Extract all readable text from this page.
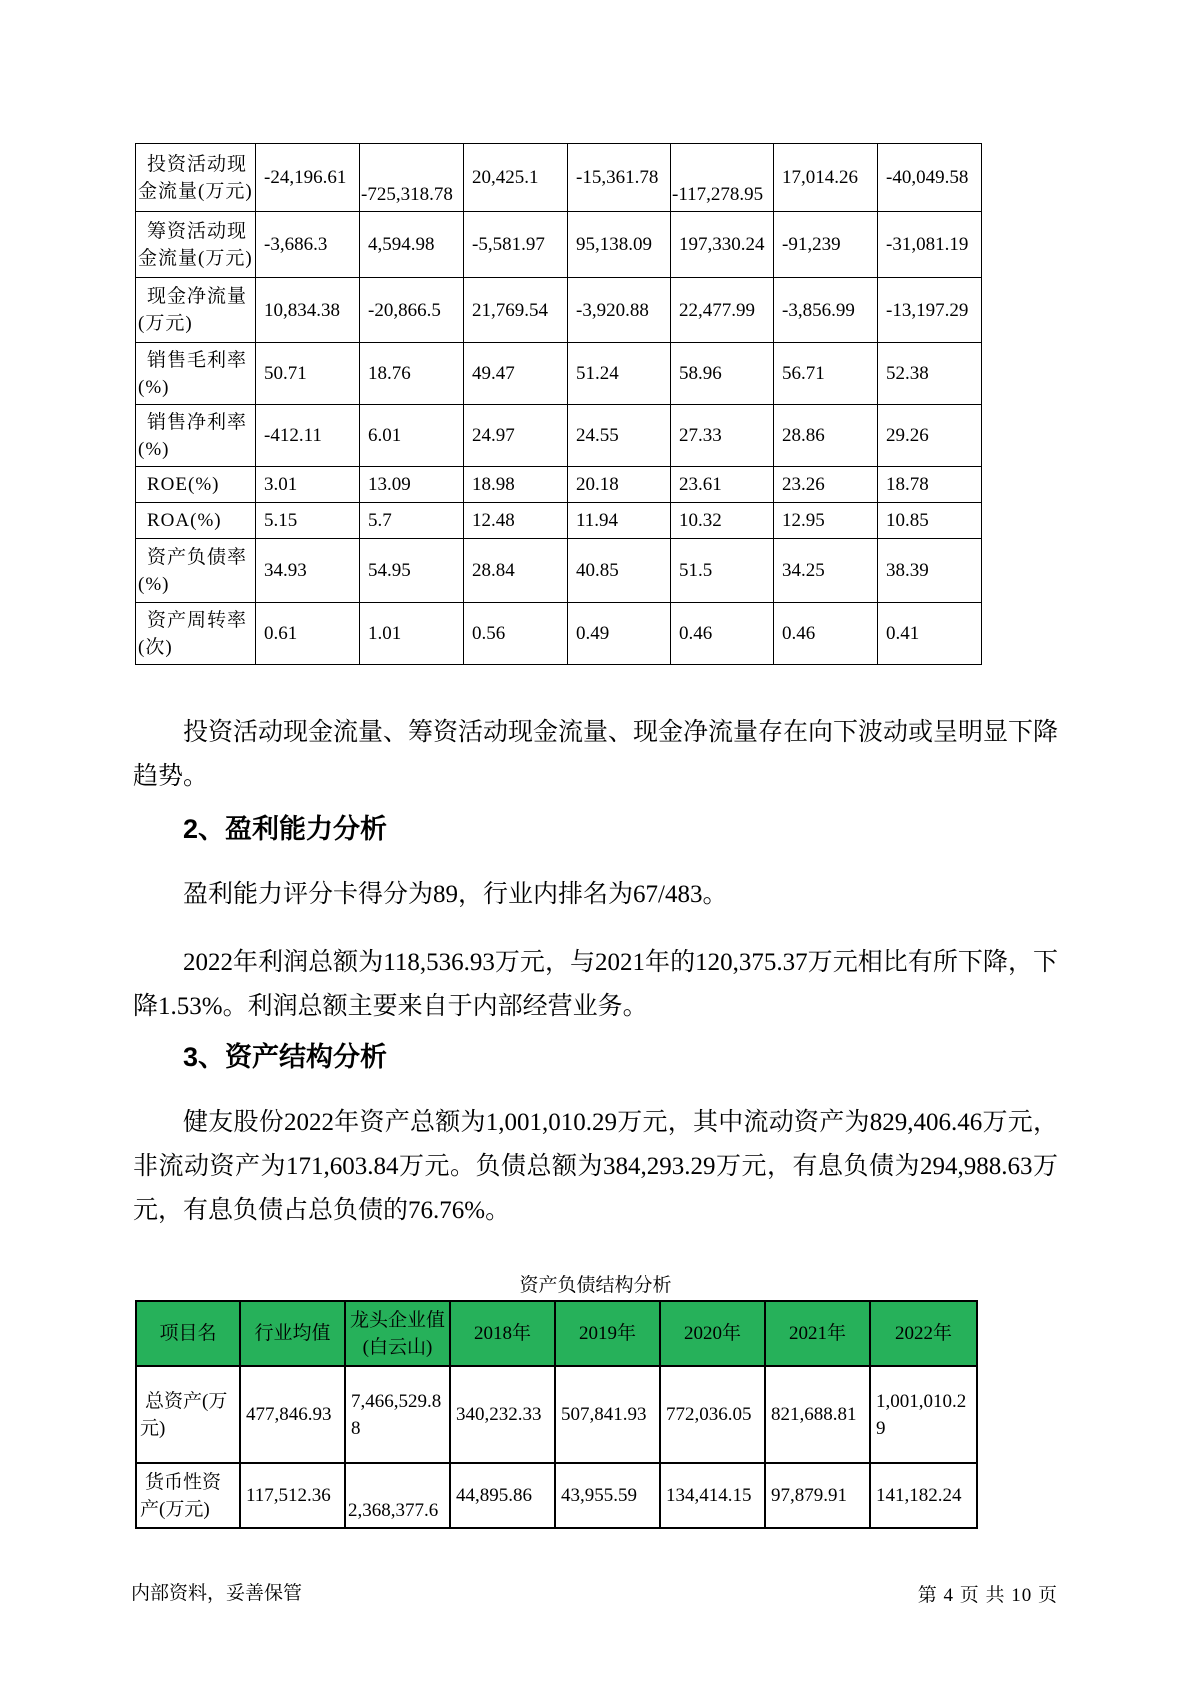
投资活动现金流量(万元)	-24,196.61	-725,318.78	20,425.1	-15,361.78	-117,278.95	17,014.26	-40,049.58
筹资活动现金流量(万元)	-3,686.3	4,594.98	-5,581.97	95,138.09	197,330.24	-91,239	-31,081.19
现金净流量(万元)	10,834.38	-20,866.5	21,769.54	-3,920.88	22,477.99	-3,856.99	-13,197.29
销售毛利率(%)	50.71	18.76	49.47	51.24	58.96	56.71	52.38
销售净利率(%)	-412.11	6.01	24.97	24.55	27.33	28.86	29.26
ROE(%)	3.01	13.09	18.98	20.18	23.61	23.26	18.78
ROA(%)	5.15	5.7	12.48	11.94	10.32	12.95	10.85
资产负债率(%)	34.93	54.95	28.84	40.85	51.5	34.25	38.39
资产周转率(次)	0.61	1.01	0.56	0.49	0.46	0.46	0.41

投资活动现金流量、筹资活动现金流量、现金净流量存在向下波动或呈明显下降趋势。

2、盈利能力分析

盈利能力评分卡得分为89，行业内排名为67/483。

2022年利润总额为118,536.93万元，与2021年的120,375.37万元相比有所下降，下降1.53%。利润总额主要来自于内部经营业务。

3、资产结构分析

健友股份2022年资产总额为1,001,010.29万元，其中流动资产为829,406.46万元，非流动资产为171,603.84万元。负债总额为384,293.29万元，有息负债为294,988.63万元，有息负债占总负债的76.76%。

资产负债结构分析
项目名	行业均值	龙头企业值(白云山)	2018年	2019年	2020年	2021年	2022年
总资产(万元)	477,846.93	7,466,529.88	340,232.33	507,841.93	772,036.05	821,688.81	1,001,010.29
货币性资产(万元)	117,512.36	2,368,377.6	44,895.86	43,955.59	134,414.15	97,879.91	141,182.24
内部资料，妥善保管	第 4 页 共 10 页
